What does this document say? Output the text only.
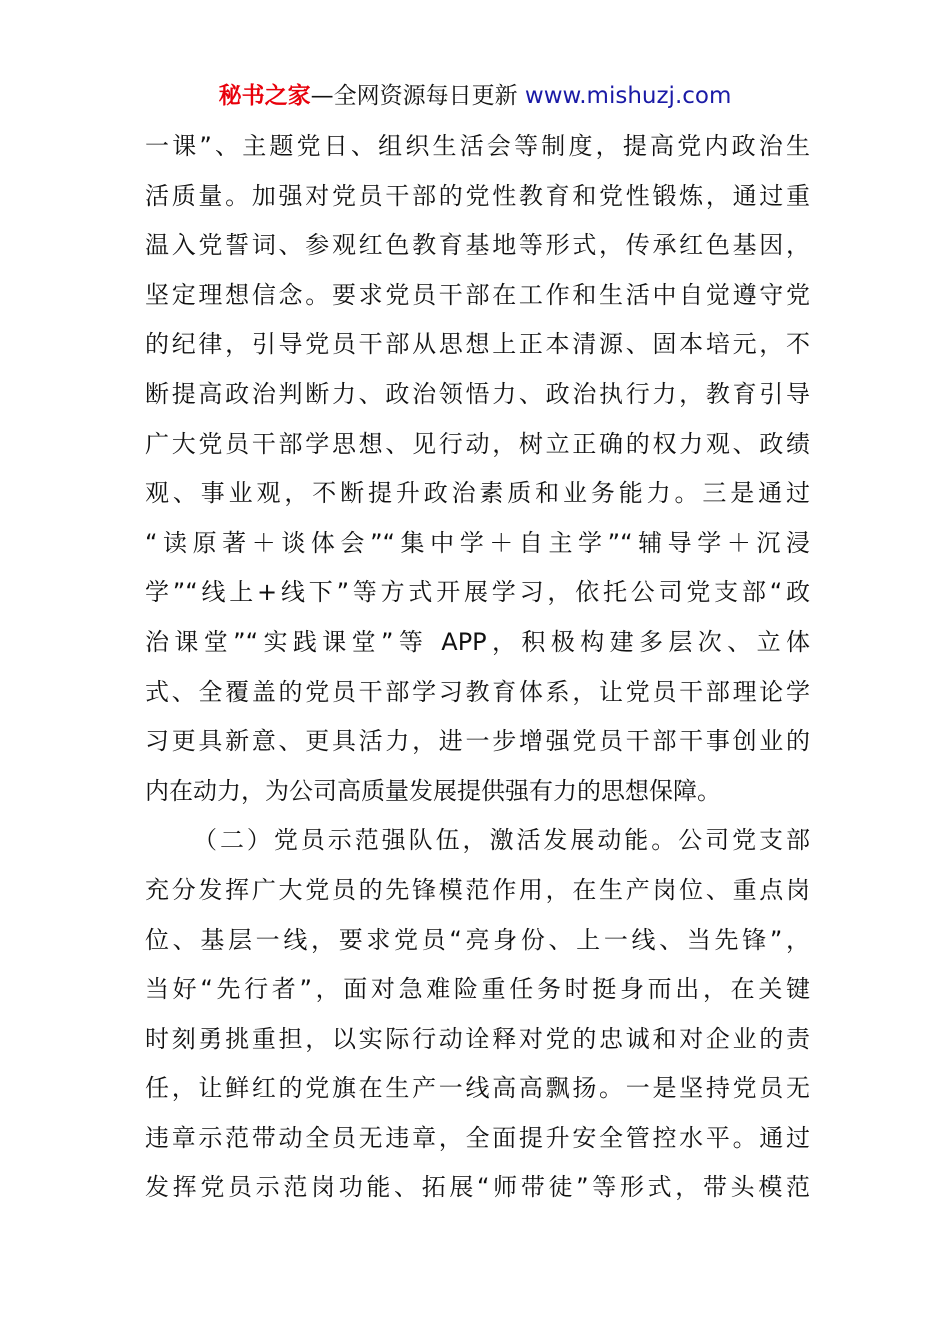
秘书之家—全网资源每日更新 www.mishuzj.com
一课”、主题党日、组织生活会等制度，提高党内政治生
活质量。加强对党员干部的党性教育和党性锻炼，通过重
温入党誓词、参观红色教育基地等形式，传承红色基因，
坚定理想信念。要求党员干部在工作和生活中自觉遵守党
的纪律，引导党员干部从思想上正本清源、固本培元，不
断提高政治判断力、政治领悟力、政治执行力，教育引导
广大党员干部学思想、见行动，树立正确的权力观、政绩
观、事业观，不断提升政治素质和业务能力。三是通过
“读原著＋谈体会”“集中学＋自主学”“辅导学＋沉浸
学”“线上+线下”等方式开展学习，依托公司党支部“政
治课堂”“实践课堂”等 APP，积极构建多层次、立体
式、全覆盖的党员干部学习教育体系，让党员干部理论学
习更具新意、更具活力，进一步增强党员干部干事创业的
内在动力，为公司高质量发展提供强有力的思想保障。
（二）党员示范强队伍，激活发展动能。公司党支部
充分发挥广大党员的先锋模范作用，在生产岗位、重点岗
位、基层一线，要求党员“亮身份、上一线、当先锋”，
当好“先行者”，面对急难险重任务时挺身而出，在关键
时刻勇挑重担，以实际行动诠释对党的忠诚和对企业的责
任，让鲜红的党旗在生产一线高高飘扬。一是坚持党员无
违章示范带动全员无违章，全面提升安全管控水平。通过
发挥党员示范岗功能、拓展“师带徒”等形式，带头模范
